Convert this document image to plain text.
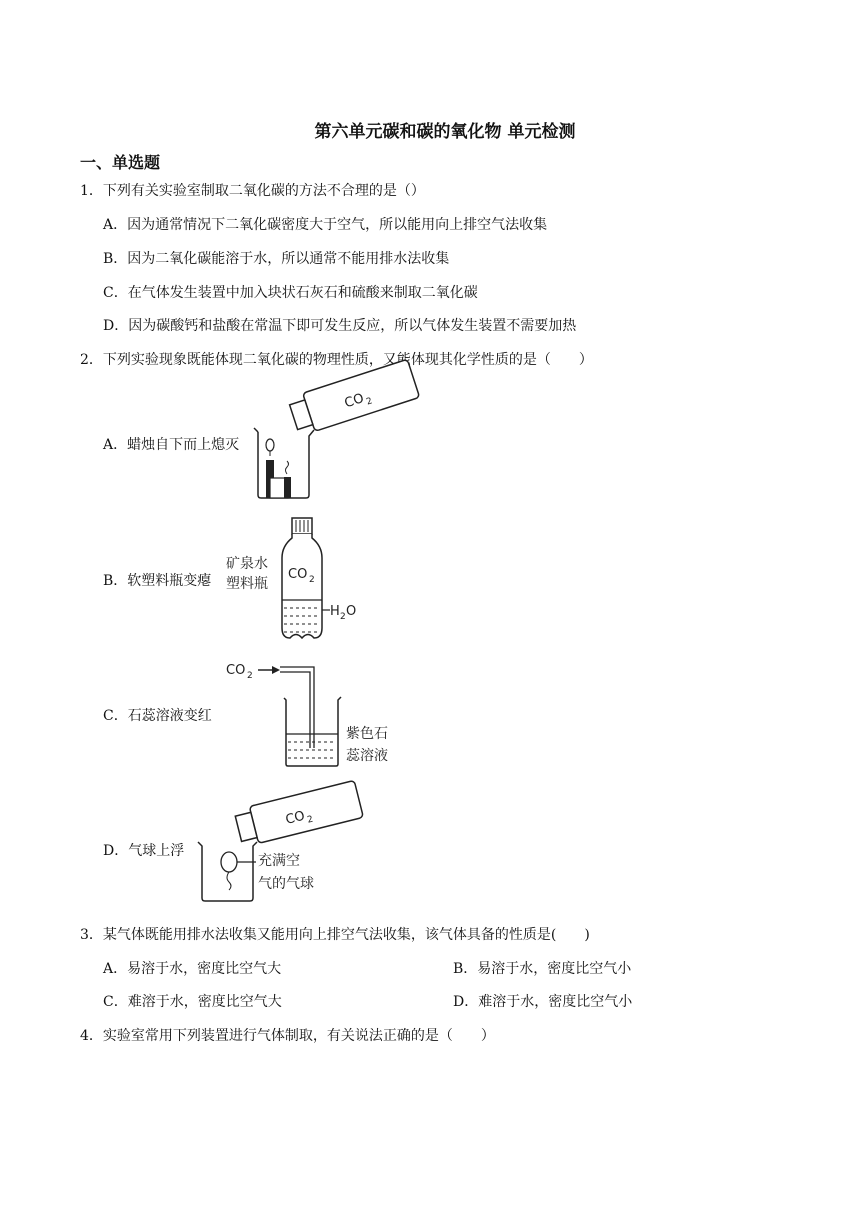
第六单元碳和碳的氧化物 单元检测
一、单选题
1．下列有关实验室制取二氧化碳的方法不合理的是（）
A．因为通常情况下二氧化碳密度大于空气，所以能用向上排空气法收集
B．因为二氧化碳能溶于水，所以通常不能用排水法收集
C．在气体发生装置中加入块状石灰石和硫酸来制取二氧化碳
D．因为碳酸钙和盐酸在常温下即可发生反应，所以气体发生装置不需要加热
2．下列实验现象既能体现二氧化碳的物理性质，又能体现其化学性质的是（　　）
A．蜡烛自下而上熄灭
CO 2
B．软塑料瓶变瘪	CO 2
H 2 O
矿泉水
塑料瓶
C．石蕊溶液变红
CO 2
紫色石
蕊溶液
D．气球上浮
CO 2
充满空
气的气球
3．某气体既能用排水法收集又能用向上排空气法收集，该气体具备的性质是(　　)
A．易溶于水，密度比空气大	B．易溶于水，密度比空气小
C．难溶于水，密度比空气大	D．难溶于水，密度比空气小
4．实验室常用下列装置进行气体制取，有关说法正确的是（　　）
